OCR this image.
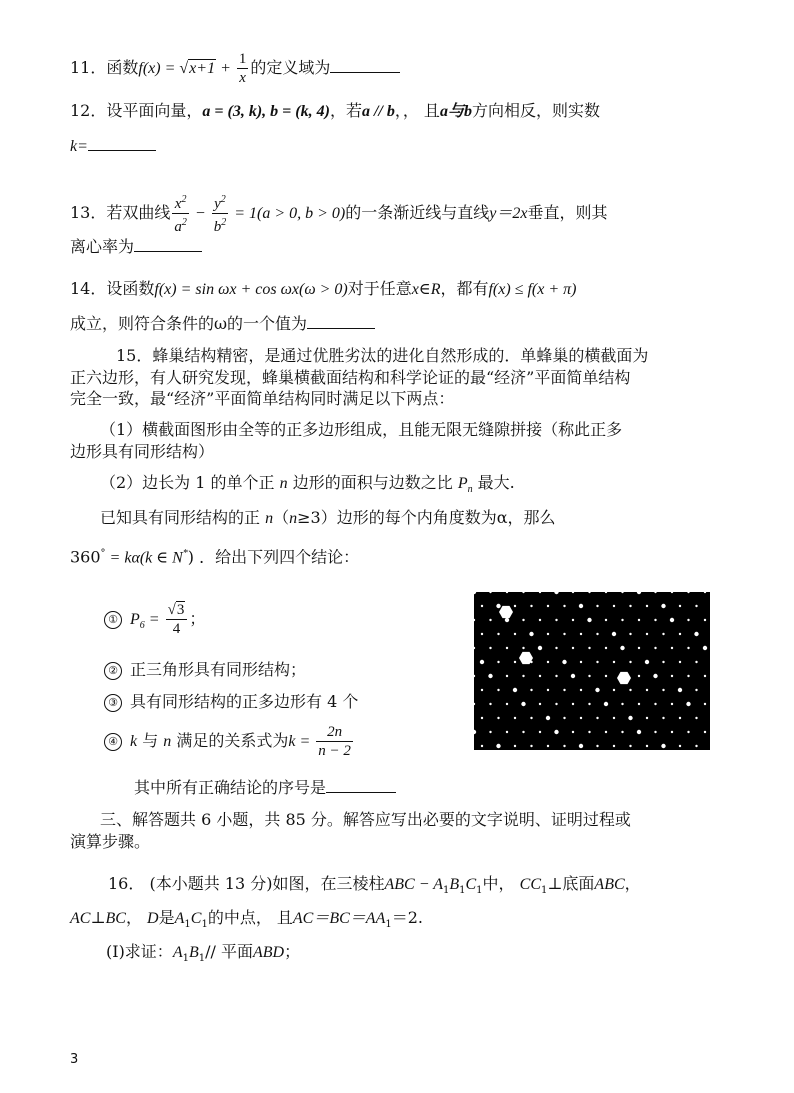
11．函数$f(x) = √x+1 + \frac{1}{x}$ 的定义域为
12．设平面向量，a = (3, k), b = (k, 4)，若a // b，， 且a与b方向相反，则实数
k=
13．若双曲线 $\frac{x^2}{a^2} - \frac{y^2}{b^2} = 1(a > 0$, b > 0)的一条渐近线与直线y＝2x垂直，则其
离心率为
14．设函数f(x) = sin ωx + cos ωx(ω > 0)对于任意x∈R，都有f(x) ≤ f(x + π)
成立，则符合条件的ω的一个值为
15．蜂巢结构精密，是通过优胜劣汰的进化自然形成的．单蜂巢的横截面为
正六边形，有人研究发现，蜂巢横截面结构和科学论证的最“经济”平面简单结构
完全一致，最“经济”平面简单结构同时满足以下两点：
（1）横截面图形由全等的正多边形组成，且能无限无缝隙拼接（称此正多
边形具有同形结构）
（2）边长为 1 的单个正 n 边形的面积与边数之比 $P_n$ 最大.
已知具有同形结构的正 n（n≥3）边形的每个内角度数为α，那么
360° = kα(k ∈ N*) ．给出下列四个结论：
① $P_6 = \frac{√3}{4}$ ；
② 正三角形具有同形结构；
③ 具有同形结构的正多边形有 4 个
④ k 与 n 满足的关系式为$k = \frac{2n}{n - 2}$
其中所有正确结论的序号是
三、解答题共 6 小题，共 85 分。解答应写出必要的文字说明、证明过程或
演算步骤。
16． (本小题共 13 分)如图，在三棱柱ABC − $A_1B_1C_1$中， $CC_1\perp$底面ABC，
AC⊥BC， D是$A_1C_1$的中点， 且$AC=BC=AA_1=2$.
(I)求证：$A_1B_1//$ 平面ABD；
3
